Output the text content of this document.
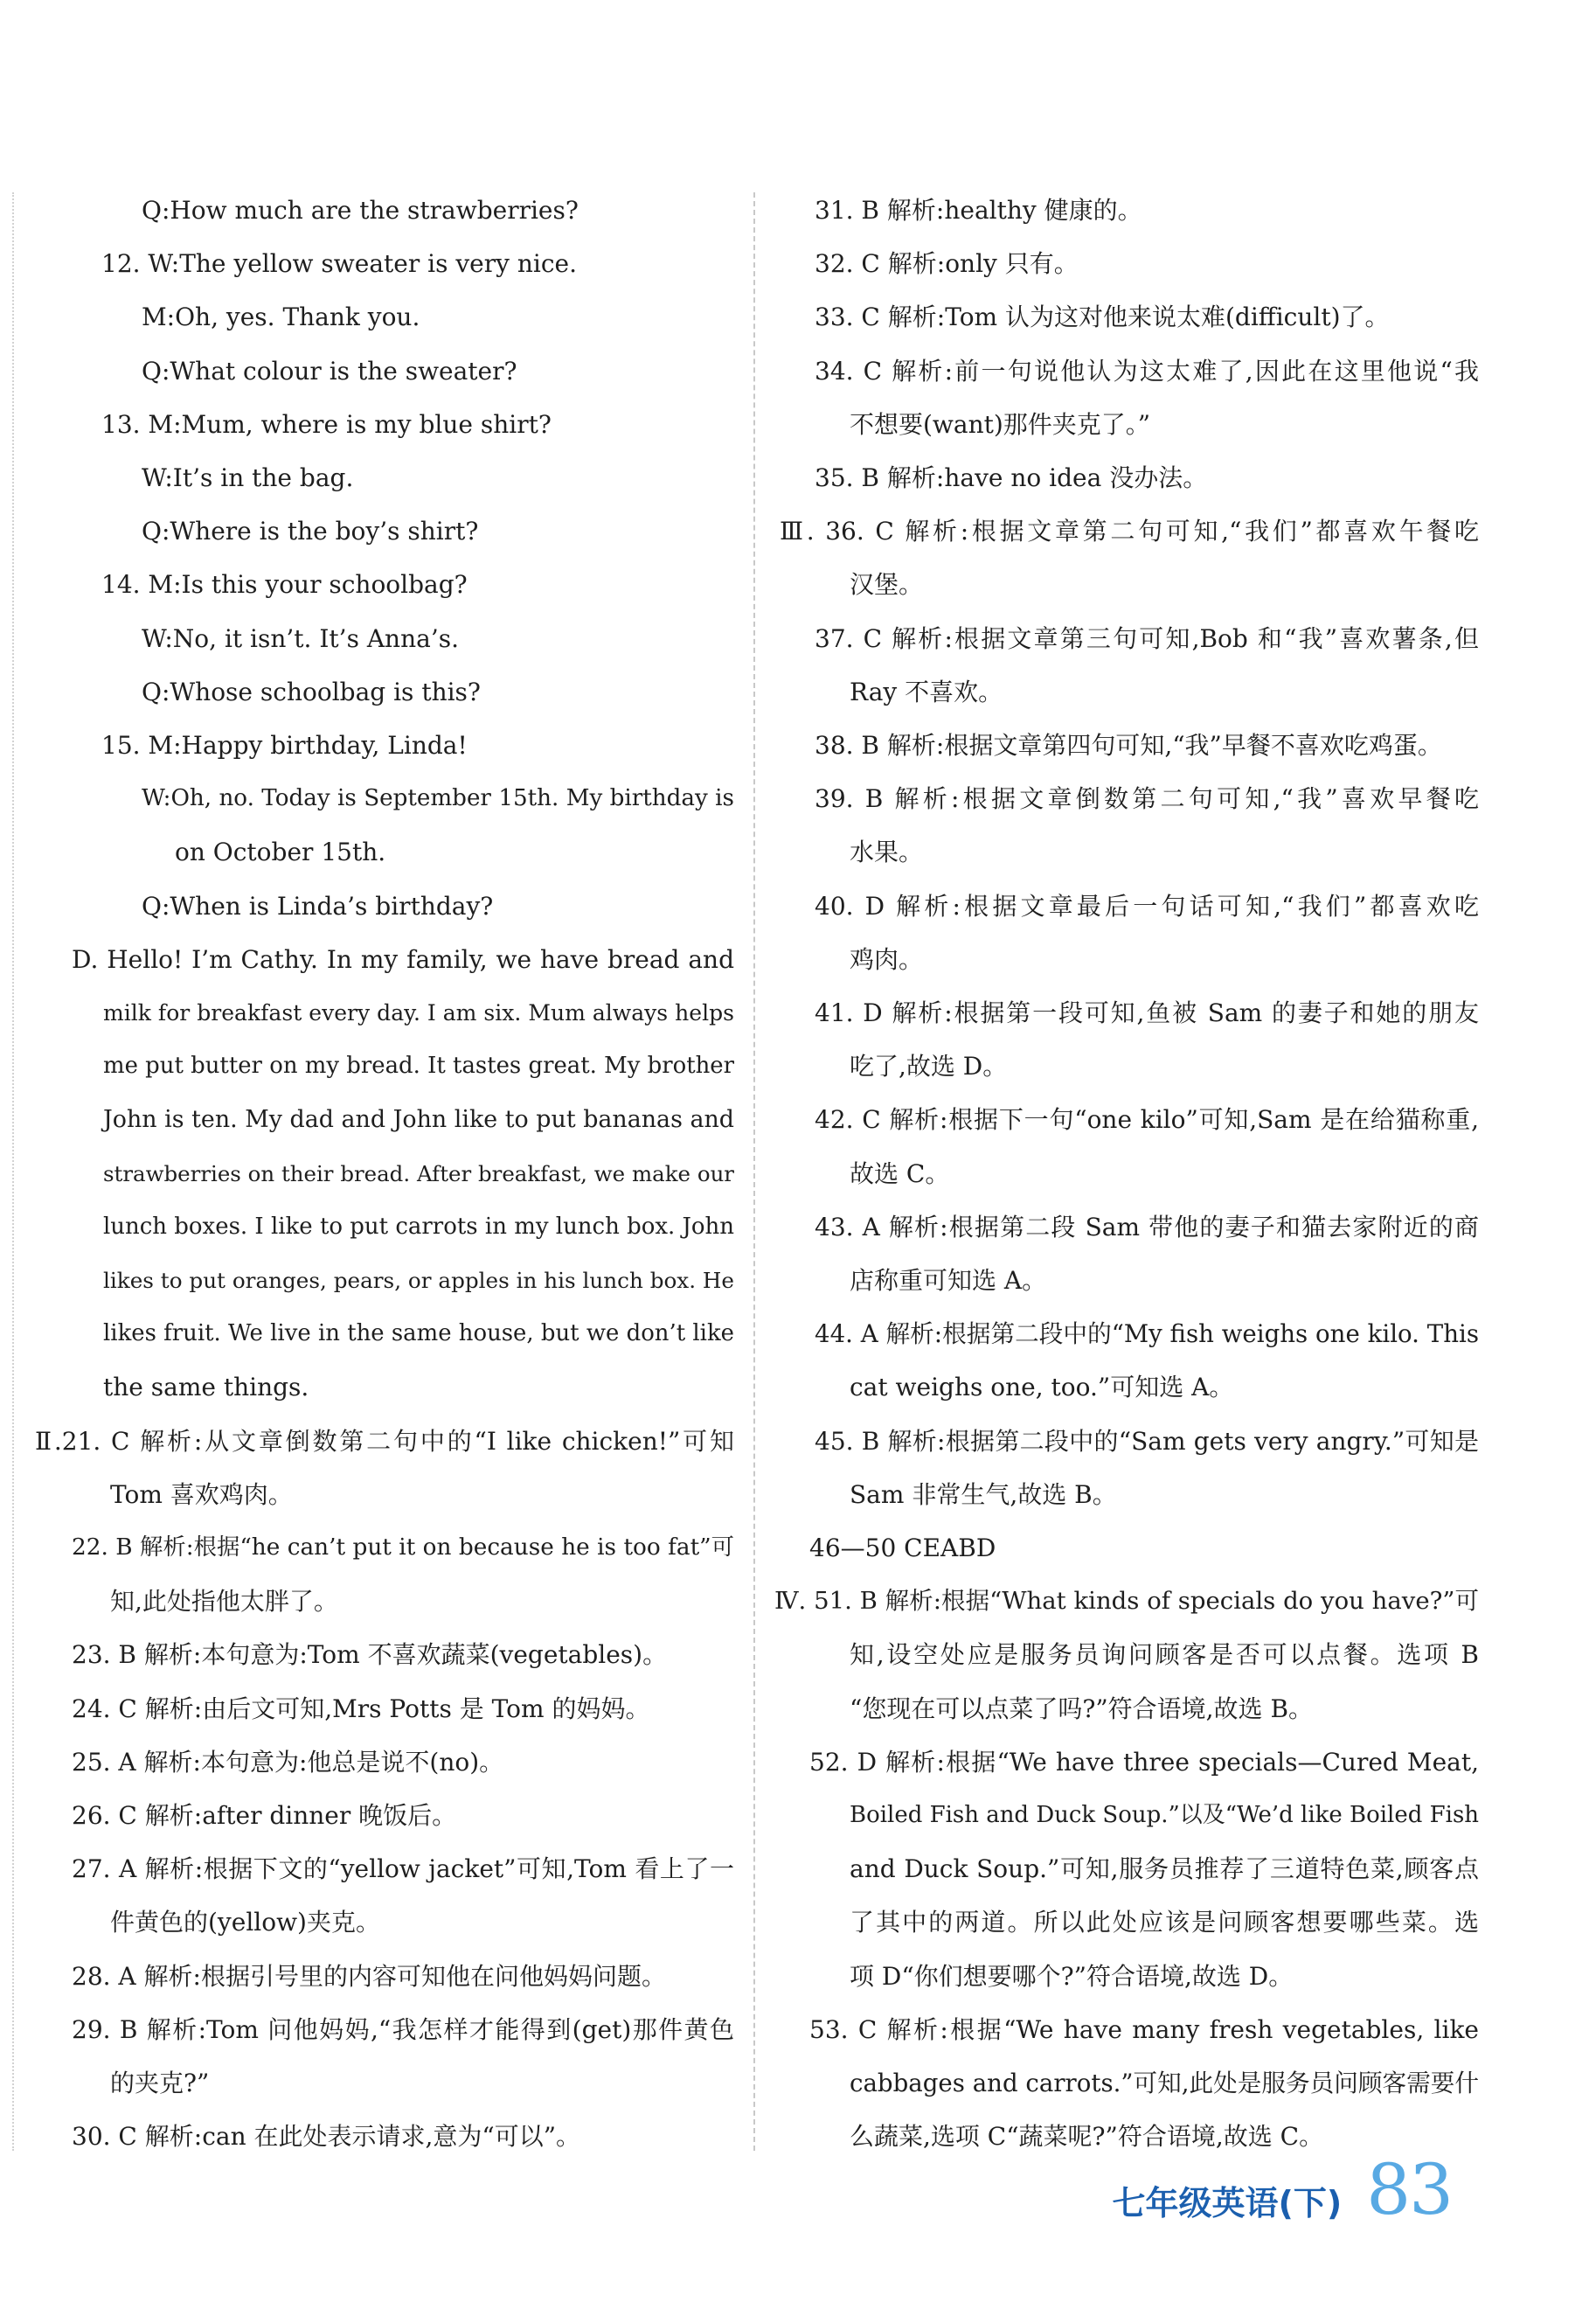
Q:How much are the strawberries?
12. W:The yellow sweater is very nice.
M:Oh, yes. Thank you.
Q:What colour is the sweater?
13. M:Mum, where is my blue shirt?
W:It’s in the bag.
Q:Where is the boy’s shirt?
14. M:Is this your schoolbag?
W:No, it isn’t. It’s Anna’s.
Q:Whose schoolbag is this?
15. M:Happy birthday, Linda!
W:Oh, no. Today is September 15th. My birthday is
on October 15th.
Q:When is Linda’s birthday?
D. Hello! I’m Cathy. In my family, we have bread and
milk for breakfast every day. I am six. Mum always helps
me put butter on my bread. It tastes great. My brother
John is ten. My dad and John like to put bananas and
strawberries on their bread. After breakfast, we make our
lunch boxes. I like to put carrots in my lunch box. John
likes to put oranges, pears, or apples in his lunch box. He
likes fruit. We live in the same house, but we don’t like
the same things.
Ⅱ.21. C 解析:从文章倒数第二句中的“I like chicken!”可知
Tom 喜欢鸡肉。
22. B 解析:根据“he can’t put it on because he is too fat”可
知,此处指他太胖了。
23. B 解析:本句意为:Tom 不喜欢蔬菜(vegetables)。
24. C 解析:由后文可知,Mrs Potts 是 Tom 的妈妈。
25. A 解析:本句意为:他总是说不(no)。
26. C 解析:after dinner 晚饭后。
27. A 解析:根据下文的“yellow jacket”可知,Tom 看上了一
件黄色的(yellow)夹克。
28. A 解析:根据引号里的内容可知他在问他妈妈问题。
29. B 解析:Tom 问他妈妈,“我怎样才能得到(get)那件黄色
的夹克?”
30. C 解析:can 在此处表示请求,意为“可以”。
31. B 解析:healthy 健康的。
32. C 解析:only 只有。
33. C 解析:Tom 认为这对他来说太难(difficult)了。
34. C 解析:前一句说他认为这太难了,因此在这里他说“我
不想要(want)那件夹克了。”
35. B 解析:have no idea 没办法。
Ⅲ. 36. C 解析:根据文章第二句可知,“我们”都喜欢午餐吃
汉堡。
37. C 解析:根据文章第三句可知,Bob 和“我”喜欢薯条,但
Ray 不喜欢。
38. B 解析:根据文章第四句可知,“我”早餐不喜欢吃鸡蛋。
39. B 解析:根据文章倒数第二句可知,“我”喜欢早餐吃
水果。
40. D 解析:根据文章最后一句话可知,“我们”都喜欢吃
鸡肉。
41. D 解析:根据第一段可知,鱼被 Sam 的妻子和她的朋友
吃了,故选 D。
42. C 解析:根据下一句“one kilo”可知,Sam 是在给猫称重,
故选 C。
43. A 解析:根据第二段 Sam 带他的妻子和猫去家附近的商
店称重可知选 A。
44. A 解析:根据第二段中的“My fish weighs one kilo. This
cat weighs one, too.”可知选 A。
45. B 解析:根据第二段中的“Sam gets very angry.”可知是
Sam 非常生气,故选 B。
46—50 CEABD
Ⅳ. 51. B 解析:根据“What kinds of specials do you have?”可
知,设空处应是服务员询问顾客是否可以点餐。选项 B
“您现在可以点菜了吗?”符合语境,故选 B。
52. D 解析:根据“We have three specials—Cured Meat,
Boiled Fish and Duck Soup.”以及“We’d like Boiled Fish
and Duck Soup.”可知,服务员推荐了三道特色菜,顾客点
了其中的两道。所以此处应该是问顾客想要哪些菜。选
项 D“你们想要哪个?”符合语境,故选 D。
53. C 解析:根据“We have many fresh vegetables, like
cabbages and carrots.”可知,此处是服务员问顾客需要什
么蔬菜,选项 C“蔬菜呢?”符合语境,故选 C。
七年级英语(下) 83
